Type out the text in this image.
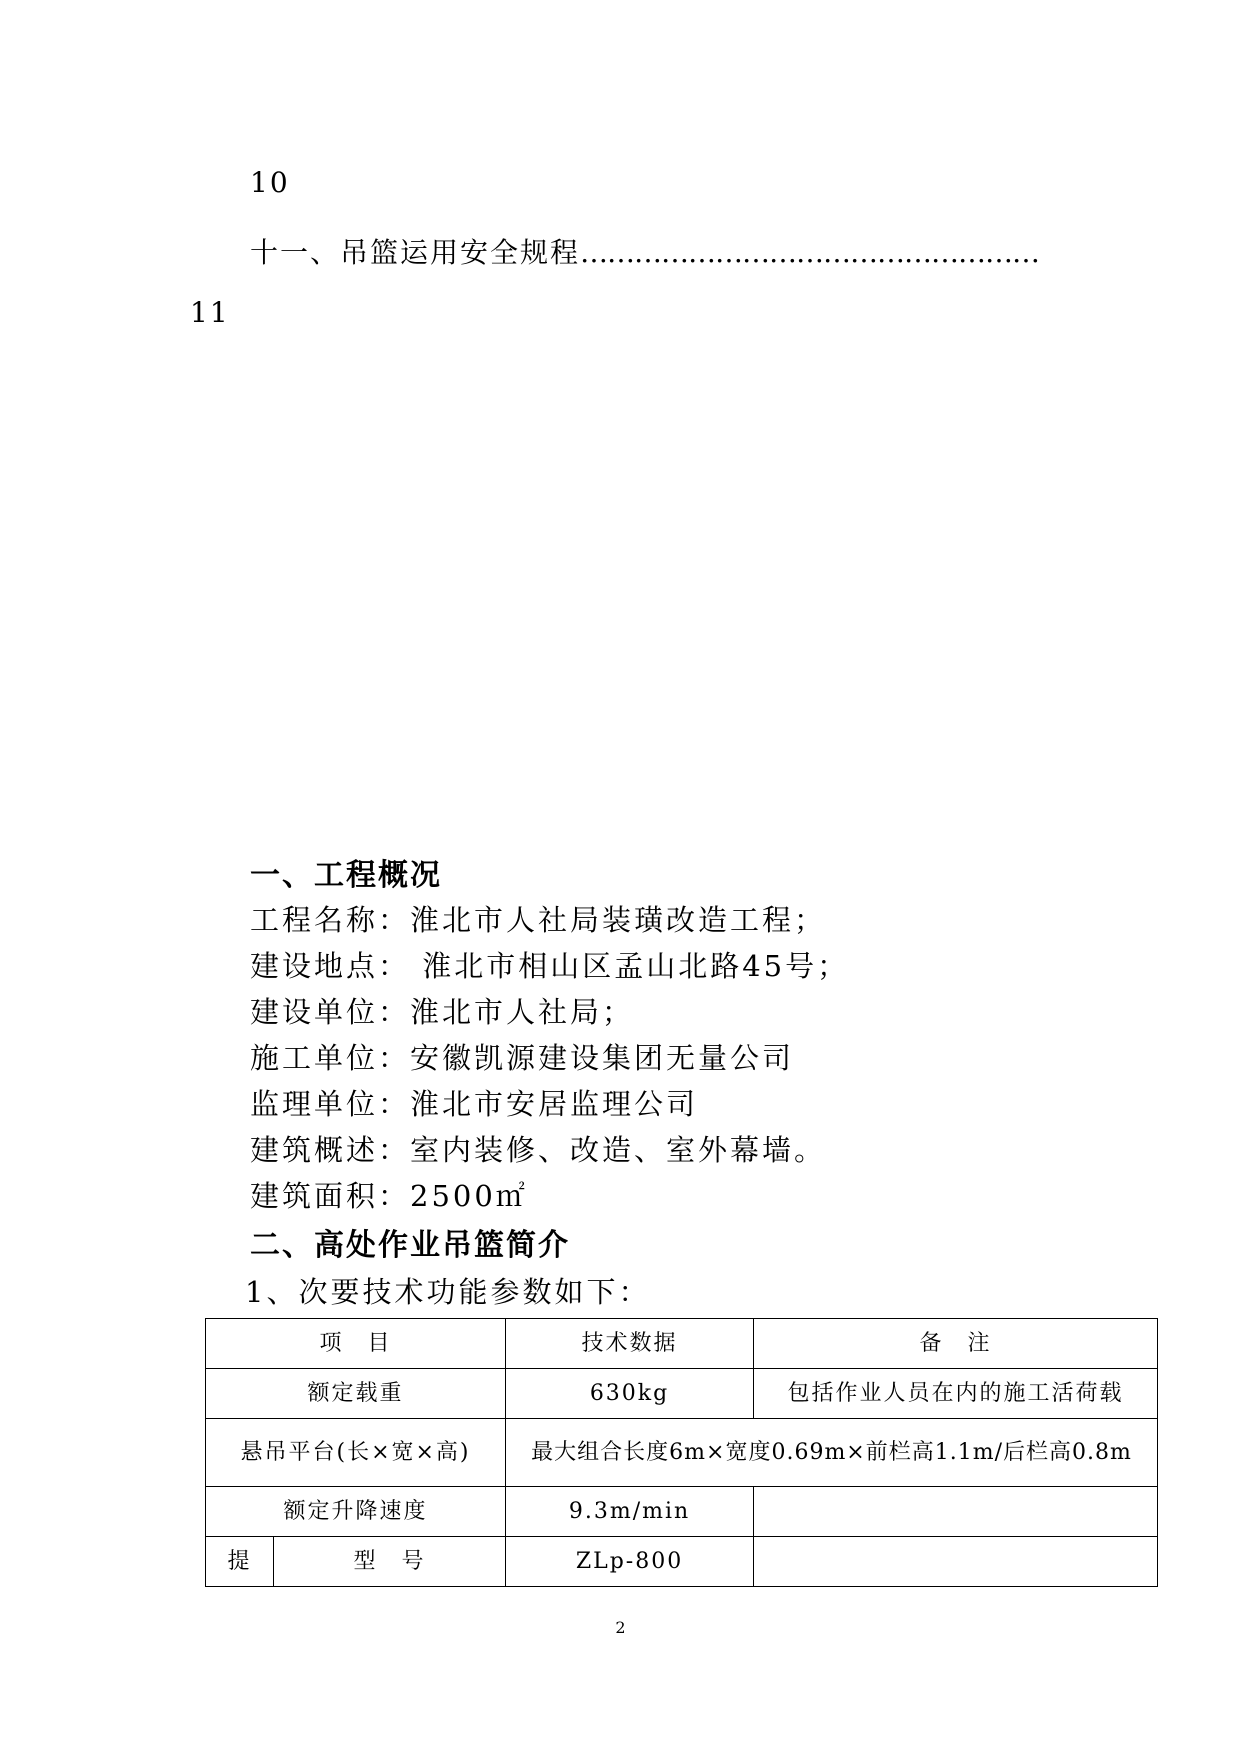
10
十一、吊篮运用安全规程……………………………………………
11
一、工程概况
工程名称：淮北市人社局装璜改造工程；
建设地点： 淮北市相山区孟山北路45号；
建设单位：淮北市人社局；
施工单位：安徽凯源建设集团无量公司
监理单位：淮北市安居监理公司
建筑概述：室内装修、改造、室外幕墙。
建筑面积：2500㎡
二、高处作业吊篮简介
1、次要技术功能参数如下：
项　目		技术数据	备　注
额定载重		630kg	包括作业人员在内的施工活荷载
悬吊平台(长×宽×高)		最大组合长度6m×宽度0.69m×前栏高1.1m/后栏高0.8m	
额定升降速度		9.3m/min	
提	型　号	ZLp-800	
2
